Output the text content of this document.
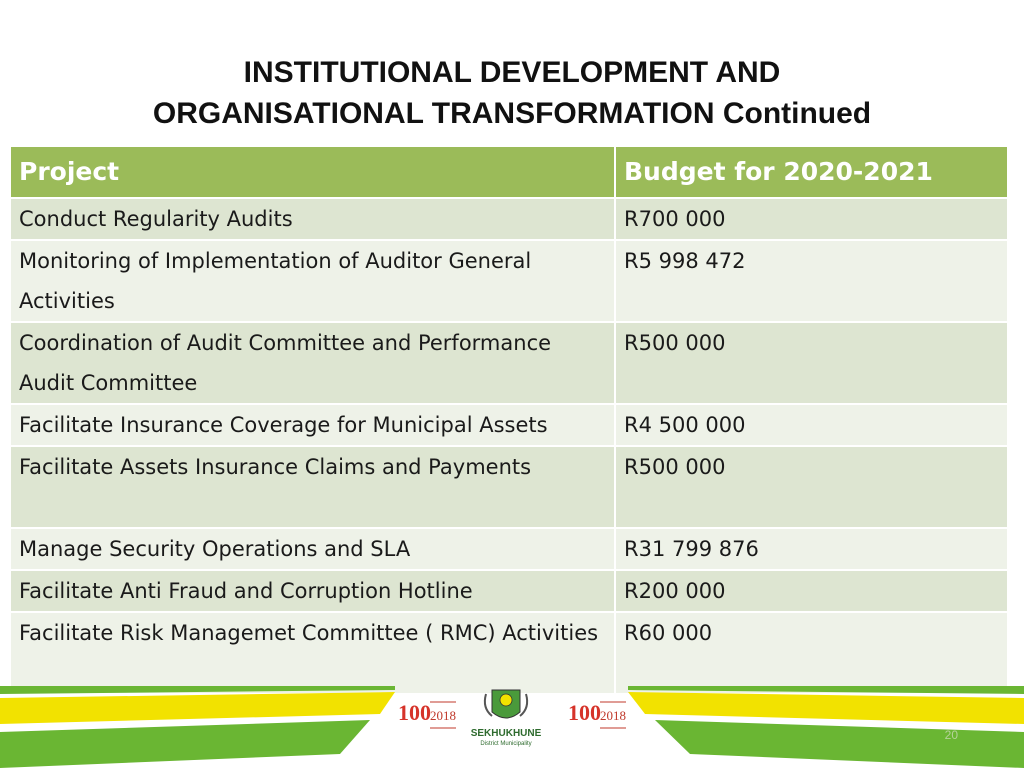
INSTITUTIONAL DEVELOPMENT AND
ORGANISATIONAL TRANSFORMATION Continued
Project	Budget for 2020-2021
Conduct Regularity Audits	R700 000
Monitoring of Implementation of Auditor General Activities	R5 998 472
Coordination of Audit Committee and Performance Audit Committee	R500 000
Facilitate Insurance Coverage for Municipal Assets	R4 500 000
Facilitate Assets Insurance Claims and Payments	R500 000
Manage Security Operations and SLA	R31 799 876
Facilitate Anti Fraud and Corruption Hotline	R200 000
Facilitate Risk Managemet Committee ( RMC) Activities	R60 000
100 2018
SEKHUKHUNE
District Municipality
100 2018
20
